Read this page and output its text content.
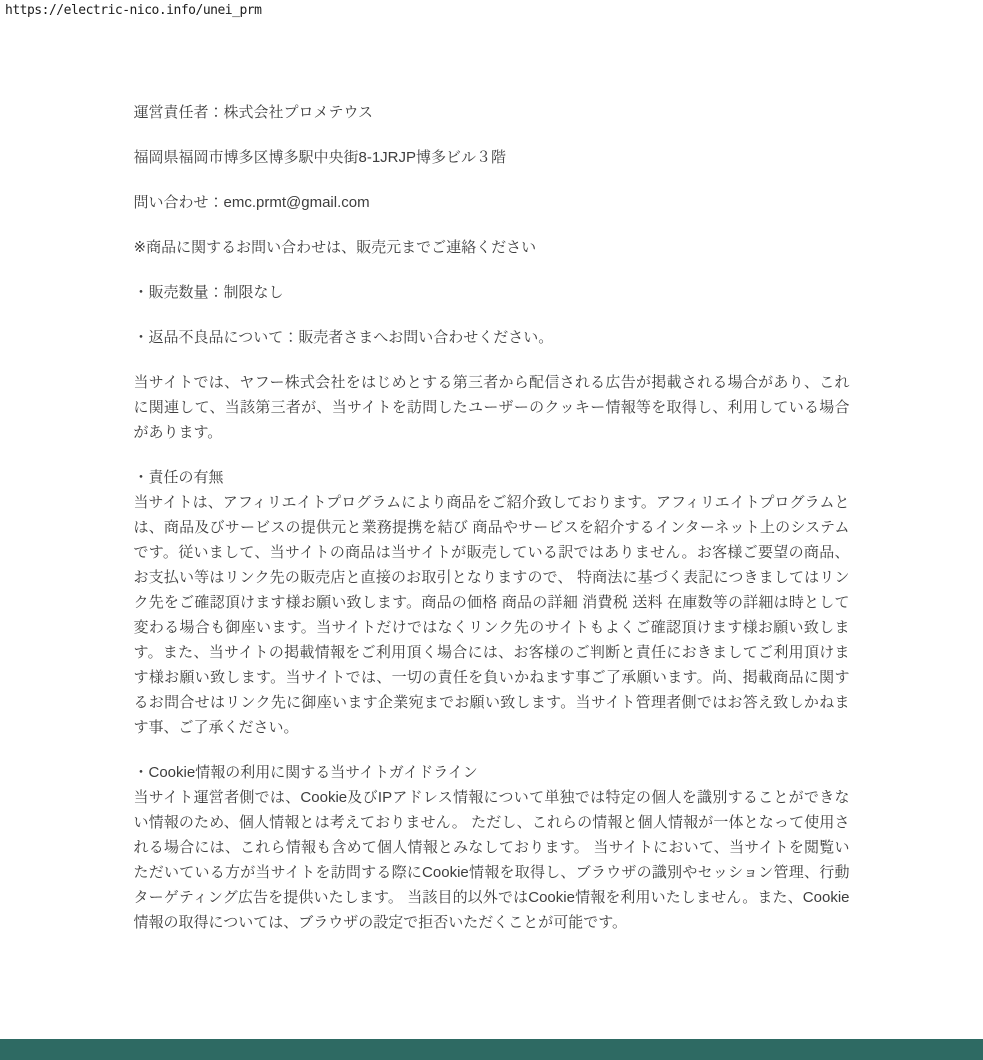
https://electric-nico.info/unei_prm

運営責任者：株式会社プロメテウス

福岡県福岡市博多区博多駅中央街8-1JRJP博多ビル３階

問い合わせ：emc.prmt@gmail.com

※商品に関するお問い合わせは、販売元までご連絡ください

・販売数量：制限なし

・返品不良品について：販売者さまへお問い合わせください。

当サイトでは、ヤフー株式会社をはじめとする第三者から配信される広告が掲載される場合があり、これに関連して、当該第三者が、当サイトを訪問したユーザーのクッキー情報等を取得し、利用している場合があります。

・責任の有無
当サイトは、アフィリエイトプログラムにより商品をご紹介致しております。アフィリエイトプログラムとは、商品及びサービスの提供元と業務提携を結び 商品やサービスを紹介するインターネット上のシステムです。従いまして、当サイトの商品は当サイトが販売している訳ではありません。お客様ご要望の商品、お支払い等はリンク先の販売店と直接のお取引となりますので、 特商法に基づく表記につきましてはリンク先をご確認頂けます様お願い致します。商品の価格 商品の詳細 消費税 送料 在庫数等の詳細は時として変わる場合も御座います。当サイトだけではなくリンク先のサイトもよくご確認頂けます様お願い致します。また、当サイトの掲載情報をご利用頂く場合には、お客様のご判断と責任におきましてご利用頂けます様お願い致します。当サイトでは、一切の責任を負いかねます事ご了承願います。尚、掲載商品に関するお問合せはリンク先に御座います企業宛までお願い致します。当サイト管理者側ではお答え致しかねます事、ご了承ください。

・Cookie情報の利用に関する当サイトガイドライン
当サイト運営者側では、Cookie及びIPアドレス情報について単独では特定の個人を識別することができない情報のため、個人情報とは考えておりません。 ただし、これらの情報と個人情報が一体となって使用される場合には、これら情報も含めて個人情報とみなしております。 当サイトにおいて、当サイトを閲覧いただいている方が当サイトを訪問する際にCookie情報を取得し、ブラウザの識別やセッション管理、行動ターゲティング広告を提供いたします。 当該目的以外ではCookie情報を利用いたしません。また、Cookie情報の取得については、ブラウザの設定で拒否いただくことが可能です。
